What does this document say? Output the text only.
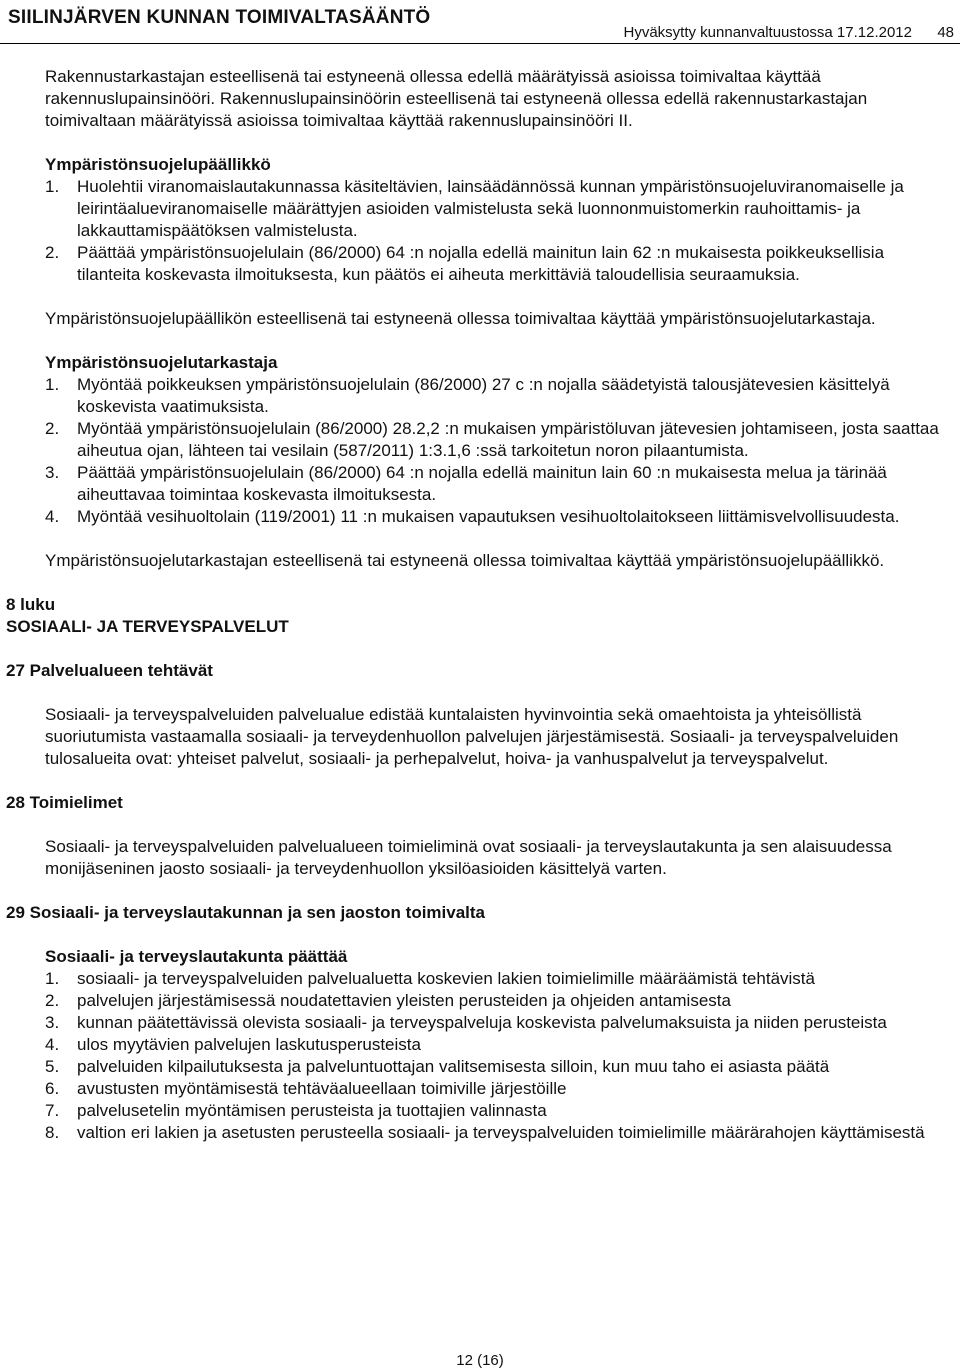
SIILINJÄRVEN KUNNAN TOIMIVALTASÄÄNTÖ
Hyväksytty kunnanvaltuustossa 17.12.2012 48

Rakennustarkastajan esteellisenä tai estyneenä ollessa edellä määrätyissä asioissa toimivaltaa käyttää rakennuslupainsinööri. Rakennuslupainsinöörin esteellisenä tai estyneenä ollessa edellä rakennustarkastajan toimivaltaan määrätyissä asioissa toimivaltaa käyttää rakennuslupainsinööri II.

Ympäristönsuojelupäällikkö

1. Huolehtii viranomaislautakunnassa käsiteltävien, lainsäädännössä kunnan ympäristönsuojeluviranomaiselle ja leirintäalueviranomaiselle määrättyjen asioiden valmistelusta sekä luonnonmuistomerkin rauhoittamis- ja lakkauttamispäätöksen valmistelusta.
2. Päättää ympäristönsuojelulain (86/2000) 64 :n nojalla edellä mainitun lain 62 :n mukaisesta poikkeuksellisia tilanteita koskevasta ilmoituksesta, kun päätös ei aiheuta merkittäviä taloudellisia seuraamuksia.

Ympäristönsuojelupäällikön esteellisenä tai estyneenä ollessa toimivaltaa käyttää ympäristönsuojelutarkastaja.

Ympäristönsuojelutarkastaja

1. Myöntää poikkeuksen ympäristönsuojelulain (86/2000) 27 c :n nojalla säädetyistä talousjätevesien käsittelyä koskevista vaatimuksista.
2. Myöntää ympäristönsuojelulain (86/2000) 28.2,2 :n mukaisen ympäristöluvan jätevesien johtamiseen, josta saattaa aiheutua ojan, lähteen tai vesilain (587/2011) 1:3.1,6 :ssä tarkoitetun noron pilaantumista.
3. Päättää ympäristönsuojelulain (86/2000) 64 :n nojalla edellä mainitun lain 60 :n mukaisesta melua ja tärinää aiheuttavaa toimintaa koskevasta ilmoituksesta.
4. Myöntää vesihuoltolain (119/2001) 11 :n mukaisen vapautuksen vesihuoltolaitokseen liittämisvelvollisuudesta.

Ympäristönsuojelutarkastajan esteellisenä tai estyneenä ollessa toimivaltaa käyttää ympäristönsuojelupäällikkö.

8 luku

SOSIAALI- JA TERVEYSPALVELUT

27 Palvelualueen tehtävät

Sosiaali- ja terveyspalveluiden palvelualue edistää kuntalaisten hyvinvointia sekä omaehtoista ja yhteisöllistä suoriutumista vastaamalla sosiaali- ja terveydenhuollon palvelujen järjestämisestä. Sosiaali- ja terveyspalveluiden tulosalueita ovat: yhteiset palvelut, sosiaali- ja perhepalvelut, hoiva- ja vanhuspalvelut ja terveyspalvelut.

28 Toimielimet

Sosiaali- ja terveyspalveluiden palvelualueen toimieliminä ovat sosiaali- ja terveyslautakunta ja sen alaisuudessa monijäseninen jaosto sosiaali- ja terveydenhuollon yksilöasioiden käsittelyä varten.

29 Sosiaali- ja terveyslautakunnan ja sen jaoston toimivalta

Sosiaali- ja terveyslautakunta päättää

1. sosiaali- ja terveyspalveluiden palvelualuetta koskevien lakien toimielimille määräämistä tehtävistä
2. palvelujen järjestämisessä noudatettavien yleisten perusteiden ja ohjeiden antamisesta
3. kunnan päätettävissä olevista sosiaali- ja terveyspalveluja koskevista palvelumaksuista ja niiden perusteista
4. ulos myytävien palvelujen laskutusperusteista
5. palveluiden kilpailutuksesta ja palveluntuottajan valitsemisesta silloin, kun muu taho ei asiasta päätä
6. avustusten myöntämisestä tehtäväalueellaan toimiville järjestöille
7. palvelusetelin myöntämisen perusteista ja tuottajien valinnasta
8. valtion eri lakien ja asetusten perusteella sosiaali- ja terveyspalveluiden toimielimille määrärahojen käyttämisestä
12 (16)
